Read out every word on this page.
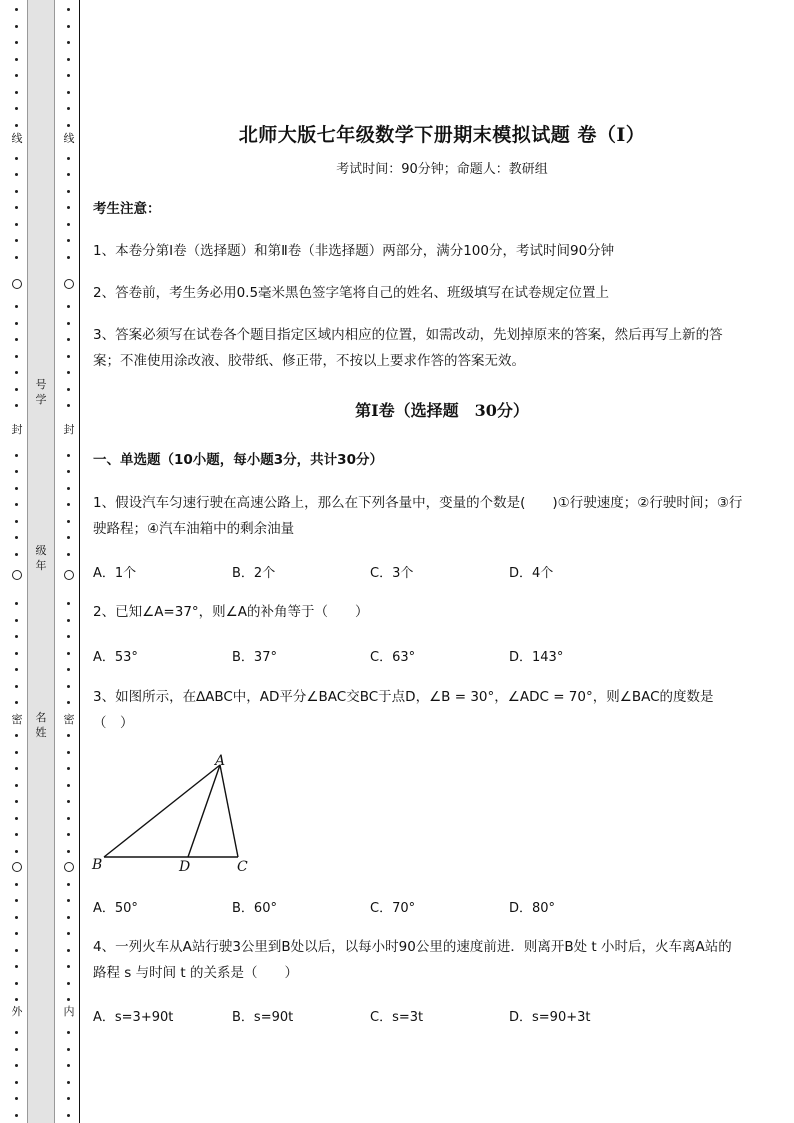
线
封
密
外
号学
级年
名姓
线
封
密
内
北师大版七年级数学下册期末模拟试题 卷（Ⅰ）
考试时间：90分钟；命题人：教研组
考生注意：
1、本卷分第Ⅰ卷（选择题）和第Ⅱ卷（非选择题）两部分，满分100分，考试时间90分钟
2、答卷前，考生务必用0.5毫米黑色签字笔将自己的姓名、班级填写在试卷规定位置上
3、答案必须写在试卷各个题目指定区域内相应的位置，如需改动，先划掉原来的答案，然后再写上新的答案；不准使用涂改液、胶带纸、修正带，不按以上要求作答的答案无效。
第Ⅰ卷（选择题　30分）
一、单选题（10小题，每小题3分，共计30分）
1、假设汽车匀速行驶在高速公路上，那么在下列各量中，变量的个数是(　　)①行驶速度；②行驶时间；③行驶路程；④汽车油箱中的剩余油量
A．1个	B．2个	C．3个	D．4个
2、已知∠A=37°，则∠A的补角等于（　　）
A．53°	B．37°	C．63°	D．143°
3、如图所示，在∆ABC中，AD平分∠BAC交BC于点D，∠B = 30°，∠ADC = 70°，则∠BAC的度数是（　）
A
B	D	C
A．50°	B．60°	C．70°	D．80°
4、一列火车从A站行驶3公里到B处以后，以每小时90公里的速度前进．则离开B处 t 小时后，火车离A站的路程 s 与时间 t 的关系是（　　）
A．s=3+90t	B．s=90t	C．s=3t	D．s=90+3t
